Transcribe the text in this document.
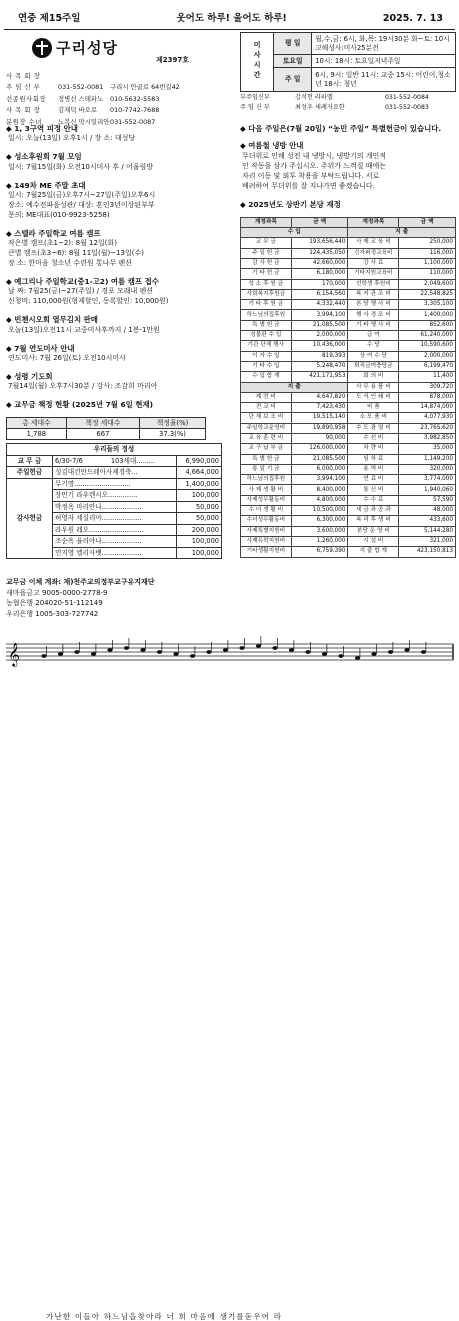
연중 제15주일	웃어도 하루! 울어도 하루!	2025. 7. 13
구리성당
제2397호
사 목 회 장
주 임 신 부	031-552-0081	구리시 안골로 64번길42
선종원사회장	정병선 스테파노	010-5632-5583
사 목 회 장	김재덕 바오로	010-7742-7688
분원장 수녀	노복신 막시밀리안 031-552-0087
미사시간	평 일	월,수,금: 6시, 화,목: 19시30분 화~토: 10시 고해성사:미사25분전
	토요일	10시: 18시: 토요일저녁주일
	주 일	6시, 9시: 일반 11시: 교중 15시: 어린이,청소년 18시: 청년
부주임신부	강석헌 라파엘	031-552-0084
주 임 신 부	최성우 세례자요한	031-552-0083
◆ 1, 3구역 피정 안내
일시: 오늘(13일) 오후1시 / 장 소: 대성당
◆ 성소후원회 7월 모임
일시: 7월15일(화) 오전10시미사 후 / 어울림방
◆ 149차 ME 주말 초대
일시: 7월25일(금)오후7시~27일(주일)오후6시
장소: 예수전파음성관/ 대상: 혼인3년이상된부부
문의: ME대표(010-9923-5258)
◆ 스텔라 주일학교 여름 캠프
작은별 캠프(초1~2): 8월 12일(화)
큰별 캠프(초3~6): 8월 11일(월)~13일(수)
장 소: 한마음 청소년 수련원 통나무 펜션
◆ 예그리나 주일학교(중1-고2) 여름 캠프 접수
날 짜: 7월25(금)~27(주일) / 경포 모래내 펜션
신청비: 110,000원(형제할인, 동록할인: 10,000원)
◆ 빈첸시오회 열무김치 판매
오늘(13일)오전11시 교중미사후까지 / 1봉-1만원
◆ 7월 연도미사 안내
연도미사: 7월 26일(토) 오전10시미사
◆ 성령 기도회
7월14일(월) 오후7시30분 / 강사: 조감희 마리아
◆ 교무금 책정 현황 (2025년 7월 6일 현재)
총 세대수	책정 세대수	책정율(%)
1,788	667	37.3(%)
우리들의 정성		
교 무 금	6/30-7/6 103세대.........	6,990,000
주일헌금	성김대건안드레아사제경축...	4,664,000
감사헌금	무기명...........................	1,400,000
	장민기 라우렌시오..............	100,000
	박정옥 마리안나...................	50,000
	허영자 세실리아...................	50,000
	라우원 레오..........................	200,000
	조순옥 율리아나...................	100,000
	민지영 엘리사벳...................	100,000
교무금 이체 계좌: 재)천주교의정부교구유지재단
새마을금고 9005-0000-2778-9
농협은행 204020-51-112149
우리은행 1005-303-727742
◆ 다음 주일은(7월 20일) “농민 주일” 특별헌금이 있습니다.
◆ 여름철 냉방 안내
무더위로 인해 성전 내 냉방시, 냉방기의 개인적
인 작동을 삼가 주십시오. 주위가 느껴질 때에는
자리 이동 및 외투 착용을 부탁드립니다. 서로
배려하여 무더위를 잘 지나가면 좋겠습니다.
◆ 2025년도 상반기 본당 재정
계정과목	금 액	계정과목	금 액
수 입		지 출	
교 무 금	193,656,440	사 제 교 육 비	250,000
주 일 헌 금	124,435,050	신자퍼정교육비	116,000
감 사 헌 금	42,660,000	강 사 료	1,100,000
기 타 헌 금	6,180,000	기타지원교육비	110,000
성 소 후 원 금	170,000	선학생 후원비	2,049,600
사회복지후원금	6,154,560	복 지 관 조 비	22,548,825
기 타 후 원 금	4,332,440	본 당 행 사 비	3,305,100
하느님의집후원	3,994,100	행 사 경 조 비	1,400,000
특 별 헌 금	21,085,500	기 타 행 사 비	852,600
성물판 수 입	2,000,000	급 여	61,240,000
기관 단체 행사	10,436,000	수 당	10,590,600
이 자 수 입	819,393	상 여 수 당	2,000,000
기 타 수 입	5,248,470	퇴직금여충당금	6,199,470
수 입 합 계	421,171,953	회 의 비	11,400
지 출		사 무 용 품 비	309,720
제 전 비	4,647,820	도 서 인 쇄 비	878,000
전 교 비	7,423,430	비 품	14,874,000
단 체 보 조 비	19,515,140	소 모 품 비	4,077,930
주일학교운영비	19,890,958	수 도 광 열 비	23,765,620
교 육 훈 련 비	90,000	수 선 비	3,982,850
교 구 납 부 금	126,000,000	차 량 비	35,000
특 별 헌 금	21,085,500	임 차 료	1,149,200
통 일 기 금	6,000,000	용 역 비	320,000
하느님의집후원	3,994,100	연 료 비	3,774,000
사 제 생 활 비	8,400,000	통 신 비	1,940,060
사제성무활동비	4,800,000	수 수 료	57,590
수 녀 생 활 비	10,500,000	세 금 과 공 과	48,000
수녀성무활동비	6,300,000	복 리 후 생 비	433,600
사제특별지원비	3,600,000	본당 운 영 비	5,144,280
사제유학지원비	1,260,000	시 설 비	321,000
기타생활지원비	6,759,390	지 출 합 계	423,150,813
𝄞
가난한 이들아 하느님을찾아라 너 희 마음에 생기를돋우어 라
